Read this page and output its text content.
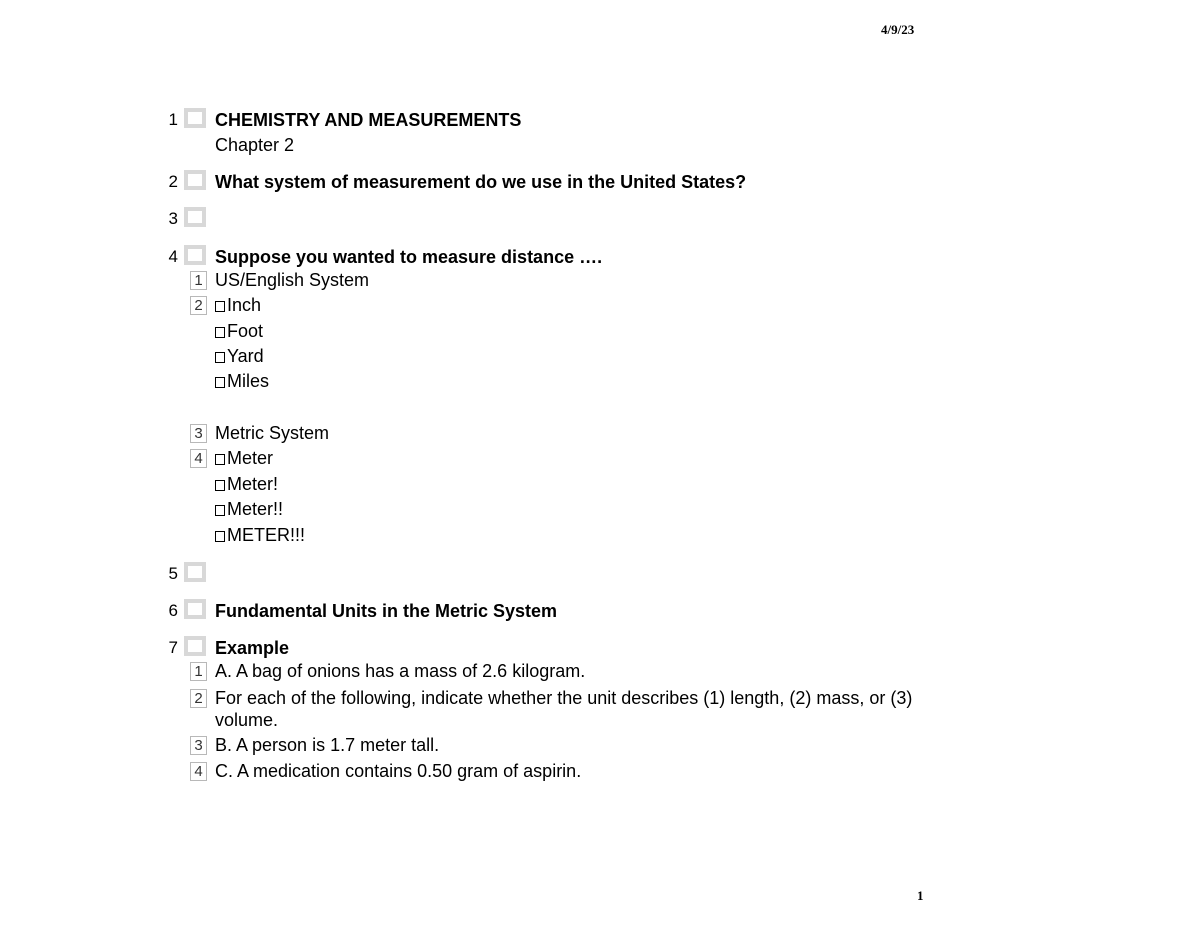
4/9/23
1 CHEMISTRY AND MEASUREMENTS
Chapter 2
2 What system of measurement do we use in the United States?
3
4 Suppose you wanted to measure distance ….
1 US/English System
2	Inch
Foot
Yard
Miles
3 Metric System
4	Meter
Meter!
Meter!!
METER!!!
5
6 Fundamental Units in the Metric System
7 Example
1 A. A bag of onions has a mass of 2.6 kilogram.
2 For each of the following, indicate whether the unit describes (1) length, (2) mass, or (3)
volume.
3 B. A person is 1.7 meter tall.
4 C. A medication contains 0.50 gram of aspirin.
1
